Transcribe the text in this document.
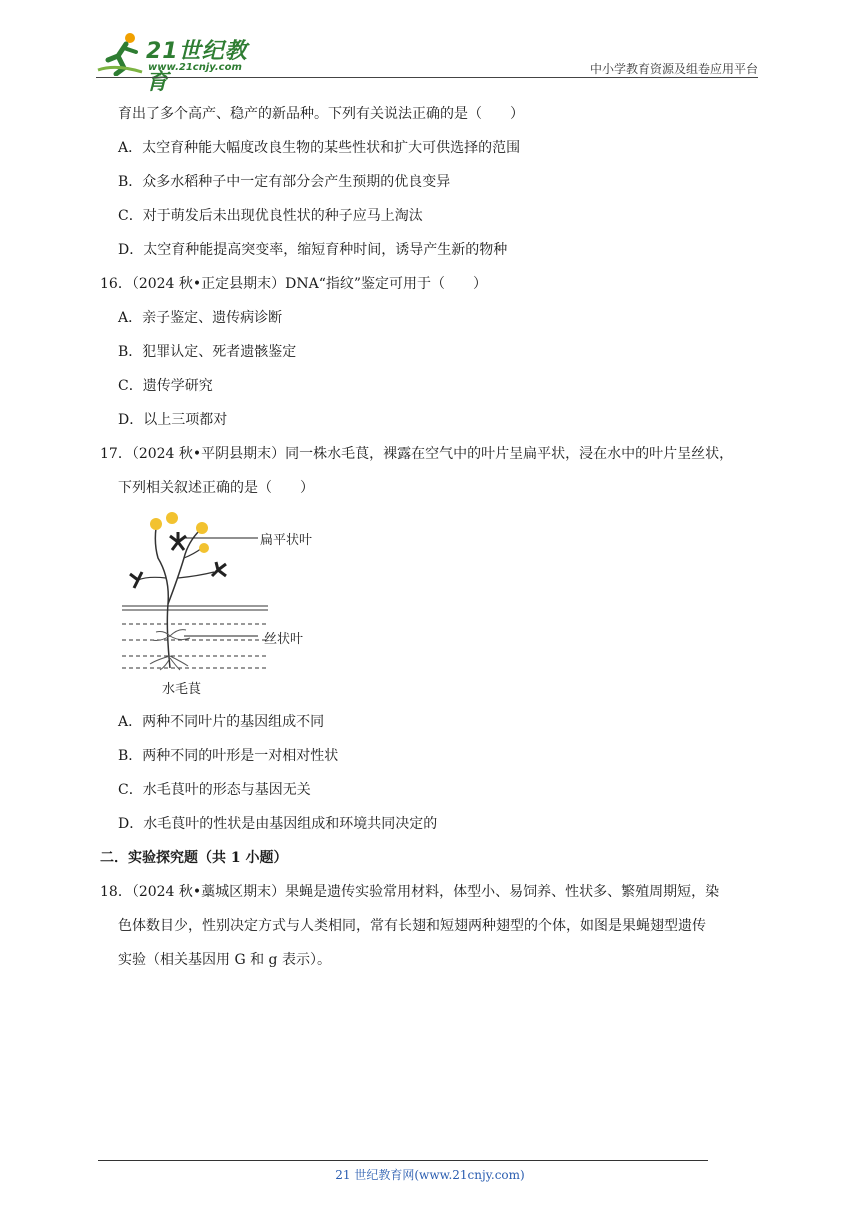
21世纪教育
www.21cnjy.com	中小学教育资源及组卷应用平台
育出了多个高产、稳产的新品种。下列有关说法正确的是（　　）
A．太空育种能大幅度改良生物的某些性状和扩大可供选择的范围
B．众多水稻种子中一定有部分会产生预期的优良变异
C．对于萌发后未出现优良性状的种子应马上淘汰
D．太空育种能提高突变率，缩短育种时间，诱导产生新的物种
16．（2024 秋•正定县期末）DNA“指纹”鉴定可用于（　　）
A．亲子鉴定、遗传病诊断
B．犯罪认定、死者遗骸鉴定
C．遗传学研究
D．以上三项都对
17．（2024 秋•平阴县期末）同一株水毛茛，裸露在空气中的叶片呈扁平状，浸在水中的叶片呈丝状，
下列相关叙述正确的是（　　）
扁平状叶
丝状叶
水毛茛
A．两种不同叶片的基因组成不同
B．两种不同的叶形是一对相对性状
C．水毛茛叶的形态与基因无关
D．水毛茛叶的性状是由基因组成和环境共同决定的
二．实验探究题（共 1 小题）
18．（2024 秋•藁城区期末）果蝇是遗传实验常用材料，体型小、易饲养、性状多、繁殖周期短，染
色体数目少，性别决定方式与人类相同，常有长翅和短翅两种翅型的个体，如图是果蝇翅型遗传
实验（相关基因用 G 和 g 表示）。
21 世纪教育网(www.21cnjy.com)
